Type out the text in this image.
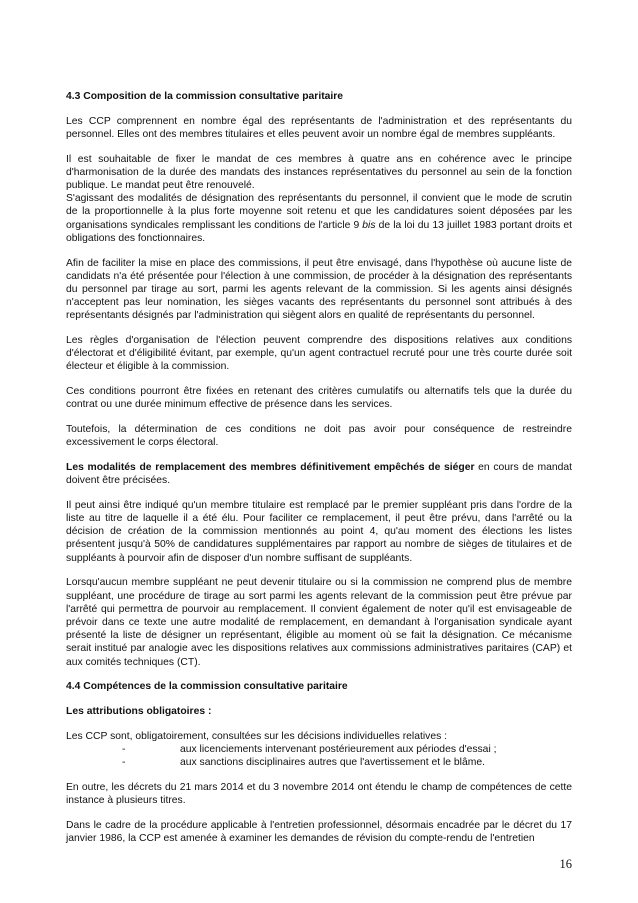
4.3 Composition de la commission consultative paritaire

Les CCP comprennent en nombre égal des représentants de l'administration et des représentants du personnel. Elles ont des membres titulaires et elles peuvent avoir un nombre égal de membres suppléants.

Il est souhaitable de fixer le mandat de ces membres à quatre ans en cohérence avec le principe d'harmonisation de la durée des mandats des instances représentatives du personnel au sein de la fonction publique. Le mandat peut être renouvelé.

S'agissant des modalités de désignation des représentants du personnel, il convient que le mode de scrutin de la proportionnelle à la plus forte moyenne soit retenu et que les candidatures soient déposées par les organisations syndicales remplissant les conditions de l'article 9 bis de la loi du 13 juillet 1983 portant droits et obligations des fonctionnaires.

Afin de faciliter la mise en place des commissions, il peut être envisagé, dans l'hypothèse où aucune liste de candidats n'a été présentée pour l'élection à une commission, de procéder à la désignation des représentants du personnel par tirage au sort, parmi les agents relevant de la commission. Si les agents ainsi désignés n'acceptent pas leur nomination, les sièges vacants des représentants du personnel sont attribués à des représentants désignés par l'administration qui siègent alors en qualité de représentants du personnel.

Les règles d'organisation de l'élection peuvent comprendre des dispositions relatives aux conditions d'électorat et d'éligibilité évitant, par exemple, qu'un agent contractuel recruté pour une très courte durée soit électeur et éligible à la commission.

Ces conditions pourront être fixées en retenant des critères cumulatifs ou alternatifs tels que la durée du contrat ou une durée minimum effective de présence dans les services.

Toutefois, la détermination de ces conditions ne doit pas avoir pour conséquence de restreindre excessivement le corps électoral.

Les modalités de remplacement des membres définitivement empêchés de siéger en cours de mandat doivent être précisées.

Il peut ainsi être indiqué qu'un membre titulaire est remplacé par le premier suppléant pris dans l'ordre de la liste au titre de laquelle il a été élu. Pour faciliter ce remplacement, il peut être prévu, dans l'arrêté ou la décision de création de la commission mentionnés au point 4, qu'au moment des élections les listes présentent jusqu'à 50% de candidatures supplémentaires par rapport au nombre de sièges de titulaires et de suppléants à pourvoir afin de disposer d'un nombre suffisant de suppléants.

Lorsqu'aucun membre suppléant ne peut devenir titulaire ou si la commission ne comprend plus de membre suppléant, une procédure de tirage au sort parmi les agents relevant de la commission peut être prévue par l'arrêté qui permettra de pourvoir au remplacement. Il convient également de noter qu'il est envisageable de prévoir dans ce texte une autre modalité de remplacement, en demandant à l'organisation syndicale ayant présenté la liste de désigner un représentant, éligible au moment où se fait la désignation. Ce mécanisme serait institué par analogie avec les dispositions relatives aux commissions administratives paritaires (CAP) et aux comités techniques (CT).

4.4 Compétences de la commission consultative paritaire
Les attributions obligatoires :

Les CCP sont, obligatoirement, consultées sur les décisions individuelles relatives :

-	aux licenciements intervenant postérieurement aux périodes d'essai ;
-	aux sanctions disciplinaires autres que l'avertissement et le blâme.

En outre, les décrets du 21 mars 2014 et du 3 novembre 2014 ont étendu le champ de compétences de cette instance à plusieurs titres.

Dans le cadre de la procédure applicable à l'entretien professionnel, désormais encadrée par le décret du 17 janvier 1986, la CCP est amenée à examiner les demandes de révision du compte-rendu de l'entretien

16
